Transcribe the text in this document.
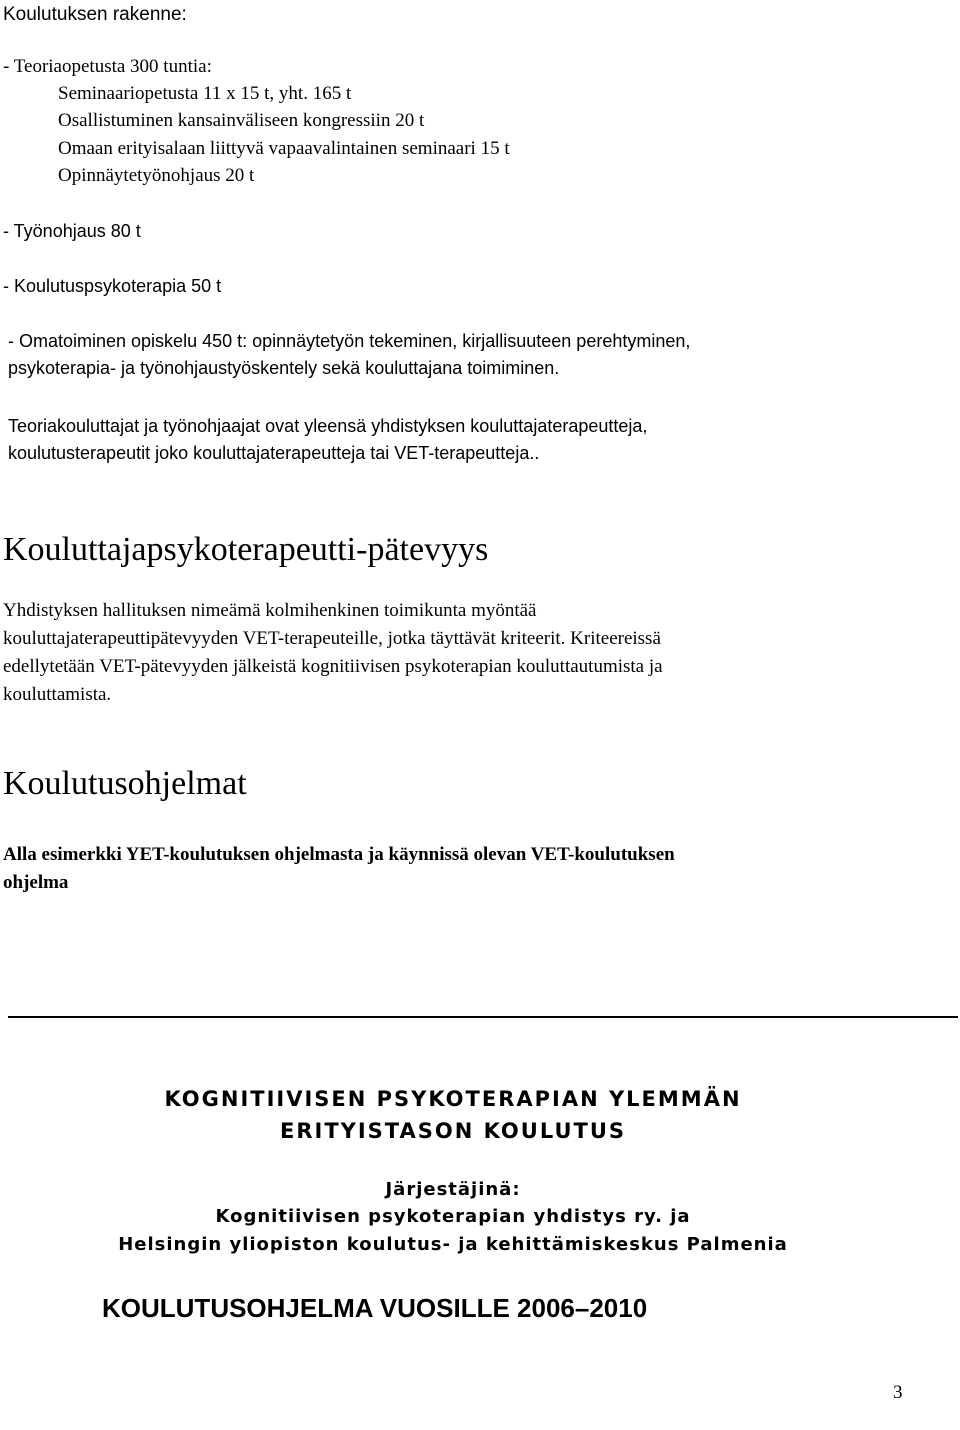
Koulutuksen rakenne:
- Teoriaopetusta 300 tuntia:
Seminaariopetusta 11 x 15 t, yht. 165 t
Osallistuminen kansainväliseen kongressiin 20 t
Omaan erityisalaan liittyvä vapaavalintainen seminaari 15 t
Opinnäytetyönohjaus 20 t
- Työnohjaus 80 t
- Koulutuspsykoterapia 50 t
- Omatoiminen opiskelu 450 t: opinnäytetyön tekeminen, kirjallisuuteen perehtyminen,
psykoterapia- ja työnohjaustyöskentely sekä kouluttajana toimiminen.
Teoriakouluttajat ja työnohjaajat ovat yleensä yhdistyksen kouluttajaterapeutteja,
koulutusterapeutit joko kouluttajaterapeutteja tai VET-terapeutteja..
Kouluttajapsykoterapeutti-pätevyys
Yhdistyksen hallituksen nimeämä kolmihenkinen toimikunta myöntää
kouluttajaterapeuttipätevyyden VET-terapeuteille, jotka täyttävät kriteerit. Kriteereissä
edellytetään VET-pätevyyden jälkeistä kognitiivisen psykoterapian kouluttautumista ja
kouluttamista.
Koulutusohjelmat
Alla esimerkki YET-koulutuksen ohjelmasta ja käynnissä olevan VET-koulutuksen
ohjelma
KOGNITIIVISEN PSYKOTERAPIAN YLEMMÄN
ERITYISTASON KOULUTUS
Järjestäjinä:
Kognitiivisen psykoterapian yhdistys ry. ja
Helsingin yliopiston koulutus- ja kehittämiskeskus Palmenia
KOULUTUSOHJELMA VUOSILLE 2006–2010
3
